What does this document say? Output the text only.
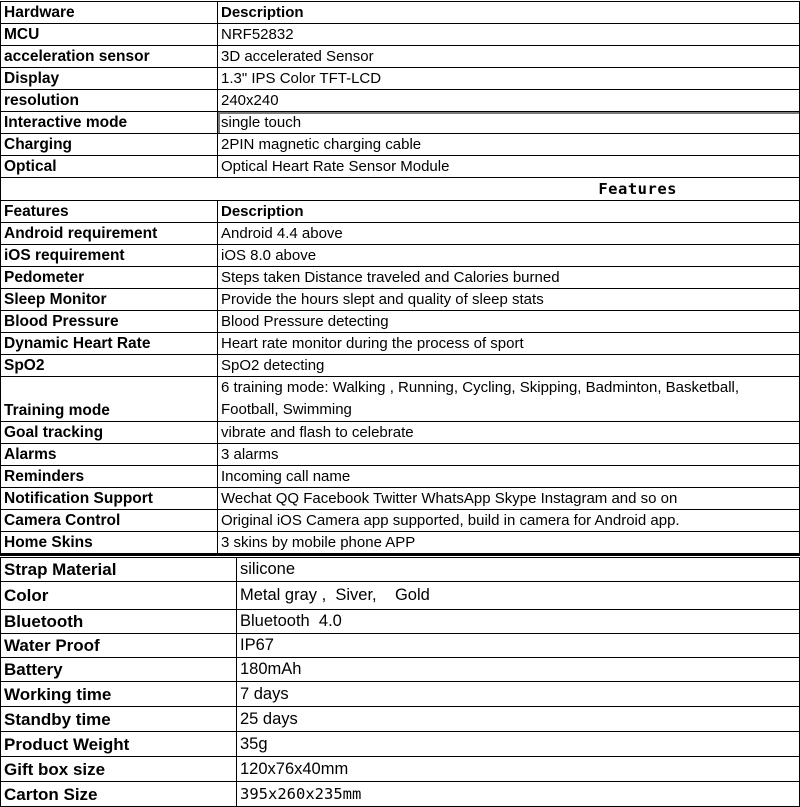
Hardware	Description
MCU	NRF52832
acceleration sensor	3D accelerated Sensor
Display	1.3" IPS Color TFT-LCD
resolution	240x240
Interactive mode	single touch
Charging	2PIN magnetic charging cable
Optical	Optical Heart Rate Sensor Module
Features
Features	Description
Android requirement	Android 4.4 above
iOS requirement	iOS 8.0 above
Pedometer	Steps taken Distance traveled and Calories burned
Sleep Monitor	Provide the hours slept and quality of sleep stats
Blood Pressure	Blood Pressure detecting
Dynamic Heart Rate	Heart rate monitor during the process of sport
SpO2	SpO2 detecting
Training mode	6 training mode: Walking , Running, Cycling, Skipping, Badminton, Basketball, Football, Swimming
Goal tracking	vibrate and flash to celebrate
Alarms	3 alarms
Reminders	Incoming call name
Notification Support	Wechat QQ Facebook Twitter WhatsApp Skype Instagram and so on
Camera Control	Original iOS Camera app supported, build in camera for Android app.
Home Skins	3 skins by mobile phone APP
Strap Material	silicone
Color	Metal gray ,  Siver,    Gold
Bluetooth	Bluetooth  4.0
Water Proof	IP67
Battery	180mAh
Working time	7 days
Standby time	25 days
Product Weight	35g
Gift box size	120x76x40mm
Carton Size	395x260x235mm
